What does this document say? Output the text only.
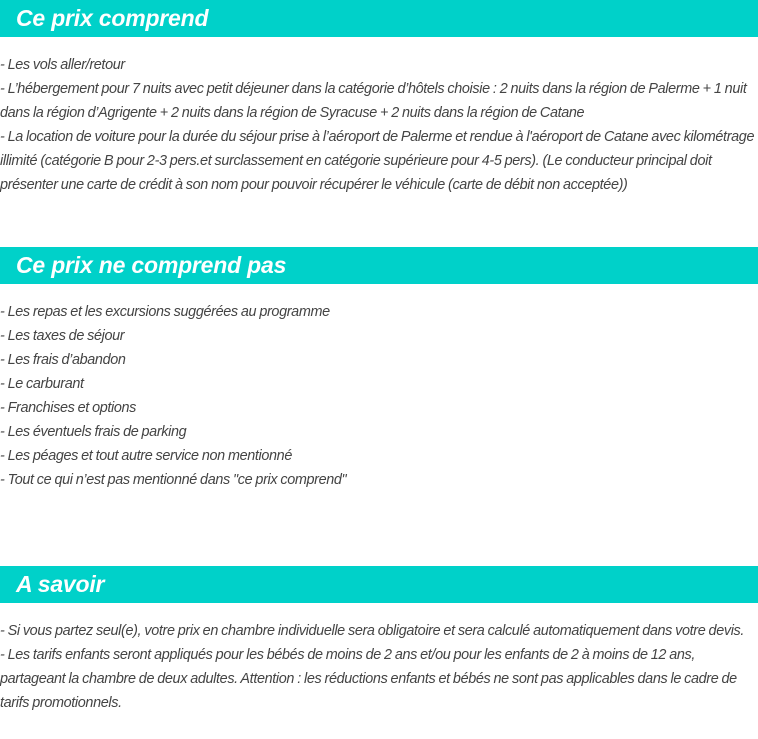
Ce prix comprend

- Les vols aller/retour

- L’hébergement pour 7 nuits avec petit déjeuner dans la catégorie d’hôtels choisie : 2 nuits dans la région de Palerme + 1 nuit dans la région d’Agrigente + 2 nuits dans la région de Syracuse + 2 nuits dans la région de Catane

- La location de voiture pour la durée du séjour prise à l’aéroport de Palerme et rendue à l'aéroport de Catane avec kilométrage illimité (catégorie B pour 2-3 pers.et surclassement en catégorie supérieure pour 4-5 pers). (Le conducteur principal doit présenter une carte de crédit à son nom pour pouvoir récupérer le véhicule (carte de débit non acceptée))

Ce prix ne comprend pas

- Les repas et les excursions suggérées au programme

- Les taxes de séjour

- Les frais d’abandon

- Le carburant

- Franchises et options

- Les éventuels frais de parking

- Les péages et tout autre service non mentionné

- Tout ce qui n’est pas mentionné dans "ce prix comprend"

A savoir

- Si vous partez seul(e), votre prix en chambre individuelle sera obligatoire et sera calculé automatiquement dans votre devis.

- Les tarifs enfants seront appliqués pour les bébés de moins de 2 ans et/ou pour les enfants de 2 à moins de 12 ans, partageant la chambre de deux adultes. Attention : les réductions enfants et bébés ne sont pas applicables dans le cadre de tarifs promotionnels.
